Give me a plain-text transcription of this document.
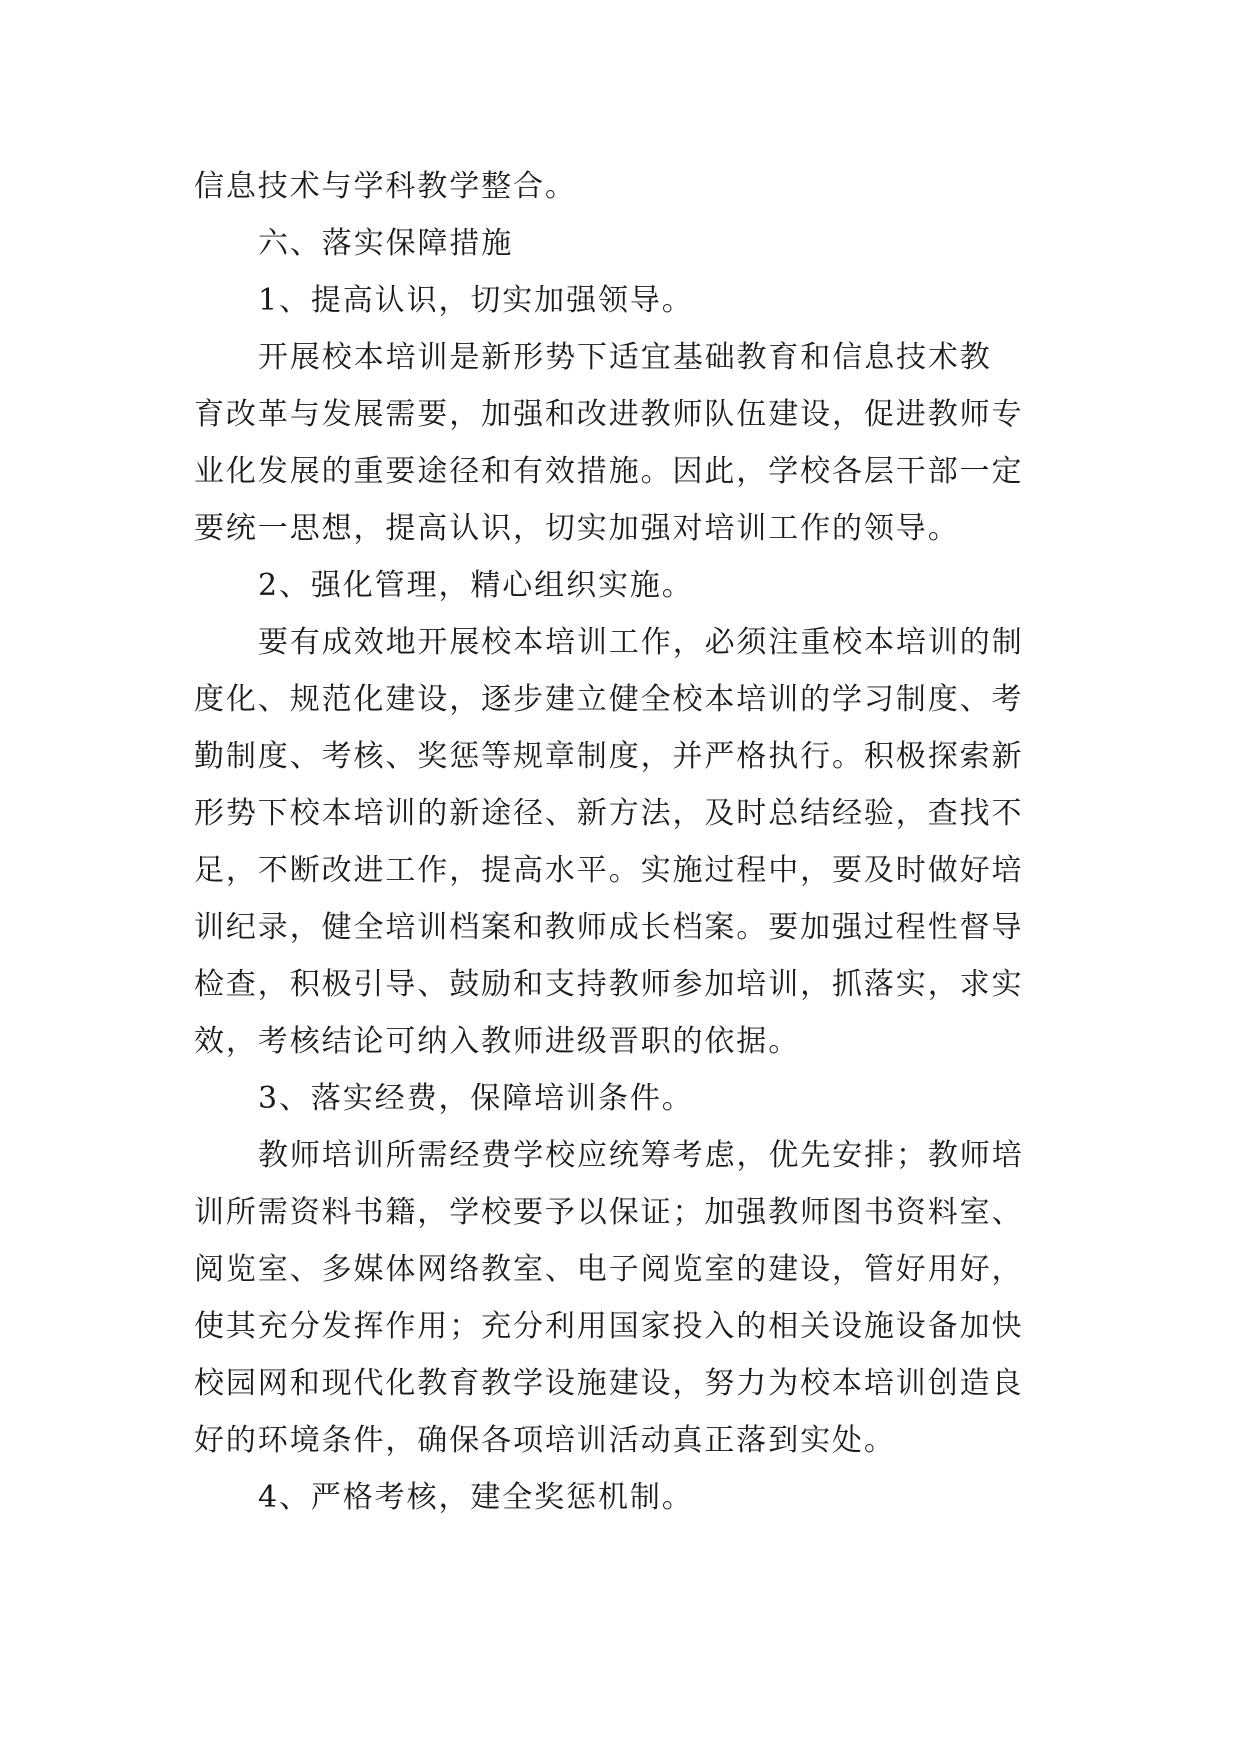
信息技术与学科教学整合。
六、落实保障措施
1、提高认识，切实加强领导。
开展校本培训是新形势下适宜基础教育和信息技术教
育改革与发展需要，加强和改进教师队伍建设，促进教师专
业化发展的重要途径和有效措施。因此，学校各层干部一定
要统一思想，提高认识，切实加强对培训工作的领导。
2、强化管理，精心组织实施。
要有成效地开展校本培训工作，必须注重校本培训的制
度化、规范化建设，逐步建立健全校本培训的学习制度、考
勤制度、考核、奖惩等规章制度，并严格执行。积极探索新
形势下校本培训的新途径、新方法，及时总结经验，查找不
足，不断改进工作，提高水平。实施过程中，要及时做好培
训纪录，健全培训档案和教师成长档案。要加强过程性督导
检查，积极引导、鼓励和支持教师参加培训，抓落实，求实
效，考核结论可纳入教师进级晋职的依据。
3、落实经费，保障培训条件。
教师培训所需经费学校应统筹考虑，优先安排；教师培
训所需资料书籍，学校要予以保证；加强教师图书资料室、
阅览室、多媒体网络教室、电子阅览室的建设，管好用好，
使其充分发挥作用；充分利用国家投入的相关设施设备加快
校园网和现代化教育教学设施建设，努力为校本培训创造良
好的环境条件，确保各项培训活动真正落到实处。
4、严格考核，建全奖惩机制。
